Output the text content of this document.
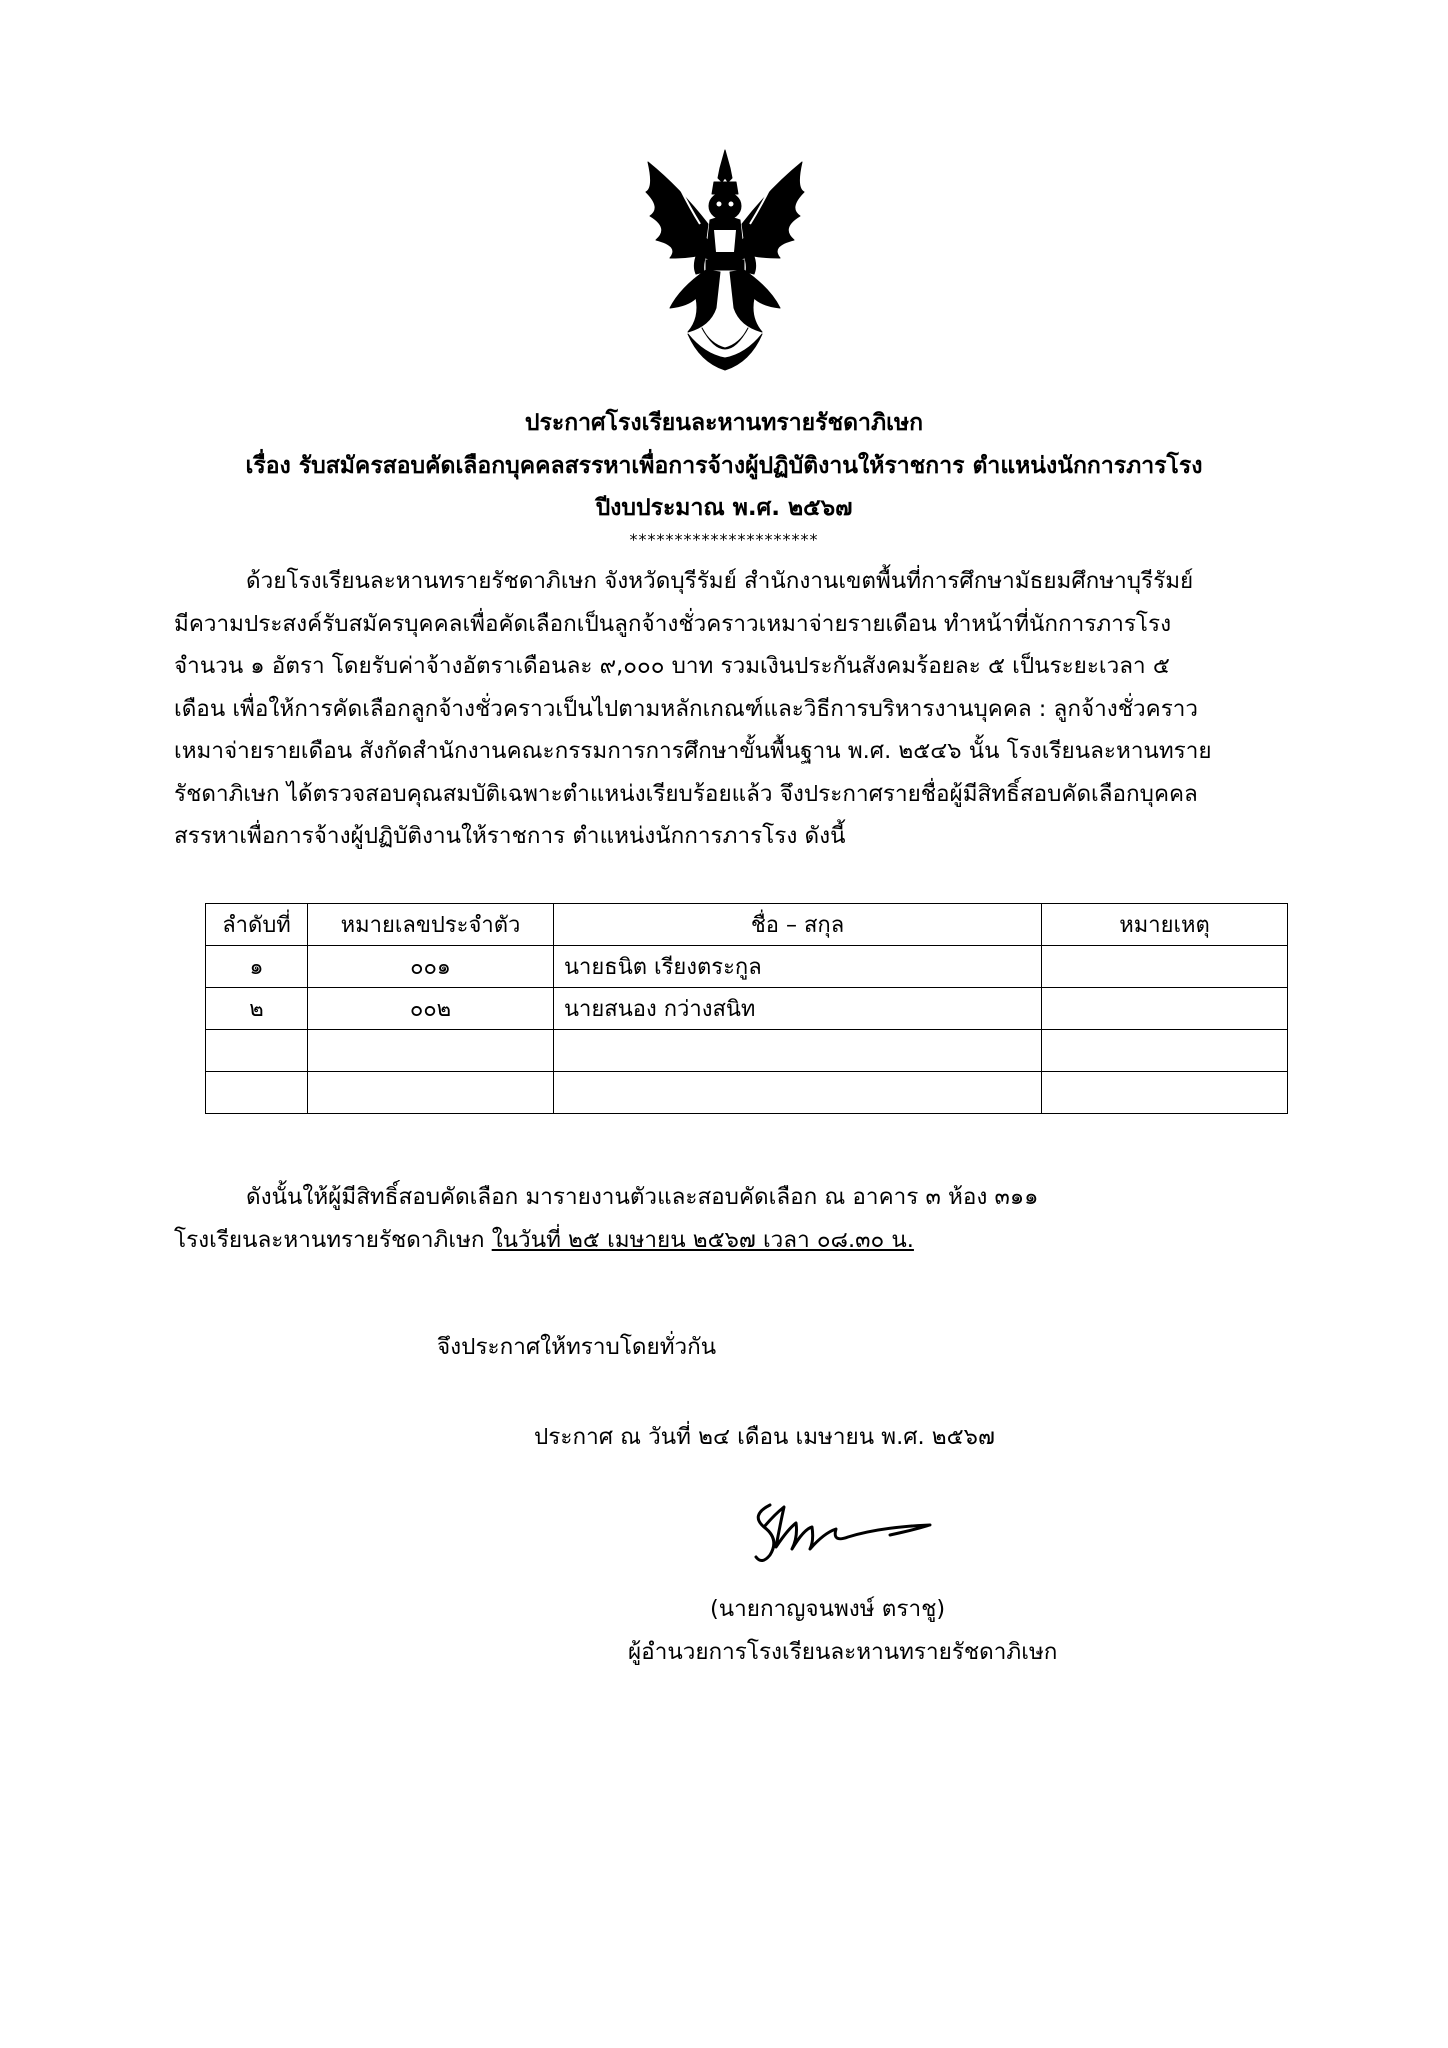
ประกาศโรงเรียนละหานทรายรัชดาภิเษก
เรื่อง รับสมัครสอบคัดเลือกบุคคลสรรหาเพื่อการจ้างผู้ปฏิบัติงานให้ราชการ ตำแหน่งนักการภารโรง
ปีงบประมาณ พ.ศ. ๒๕๖๗
*********************
ด้วยโรงเรียนละหานทรายรัชดาภิเษก จังหวัดบุรีรัมย์ สำนักงานเขตพื้นที่การศึกษามัธยมศึกษาบุรีรัมย์
มีความประสงค์รับสมัครบุคคลเพื่อคัดเลือกเป็นลูกจ้างชั่วคราวเหมาจ่ายรายเดือน ทำหน้าที่นักการภารโรง
จำนวน ๑ อัตรา โดยรับค่าจ้างอัตราเดือนละ ๙,๐๐๐ บาท รวมเงินประกันสังคมร้อยละ ๕ เป็นระยะเวลา ๕
เดือน เพื่อให้การคัดเลือกลูกจ้างชั่วคราวเป็นไปตามหลักเกณฑ์และวิธีการบริหารงานบุคคล : ลูกจ้างชั่วคราว
เหมาจ่ายรายเดือน สังกัดสำนักงานคณะกรรมการการศึกษาขั้นพื้นฐาน พ.ศ. ๒๕๔๖ นั้น โรงเรียนละหานทราย
รัชดาภิเษก ได้ตรวจสอบคุณสมบัติเฉพาะตำแหน่งเรียบร้อยแล้ว จึงประกาศรายชื่อผู้มีสิทธิ์สอบคัดเลือกบุคคล
สรรหาเพื่อการจ้างผู้ปฏิบัติงานให้ราชการ ตำแหน่งนักการภารโรง ดังนี้
ลำดับที่	หมายเลขประจำตัว	ชื่อ – สกุล	หมายเหตุ
๑	๐๐๑	นายธนิต เรียงตระกูล	
๒	๐๐๒	นายสนอง กว่างสนิท	

ดังนั้นให้ผู้มีสิทธิ์สอบคัดเลือก มารายงานตัวและสอบคัดเลือก ณ อาคาร ๓ ห้อง ๓๑๑
โรงเรียนละหานทรายรัชดาภิเษก ในวันที่ ๒๕ เมษายน ๒๕๖๗ เวลา ๐๘.๓๐ น.
จึงประกาศให้ทราบโดยทั่วกัน
ประกาศ ณ วันที่ ๒๔ เดือน เมษายน พ.ศ. ๒๕๖๗
(นายกาญจนพงษ์ ตราชู)
ผู้อำนวยการโรงเรียนละหานทรายรัชดาภิเษก
